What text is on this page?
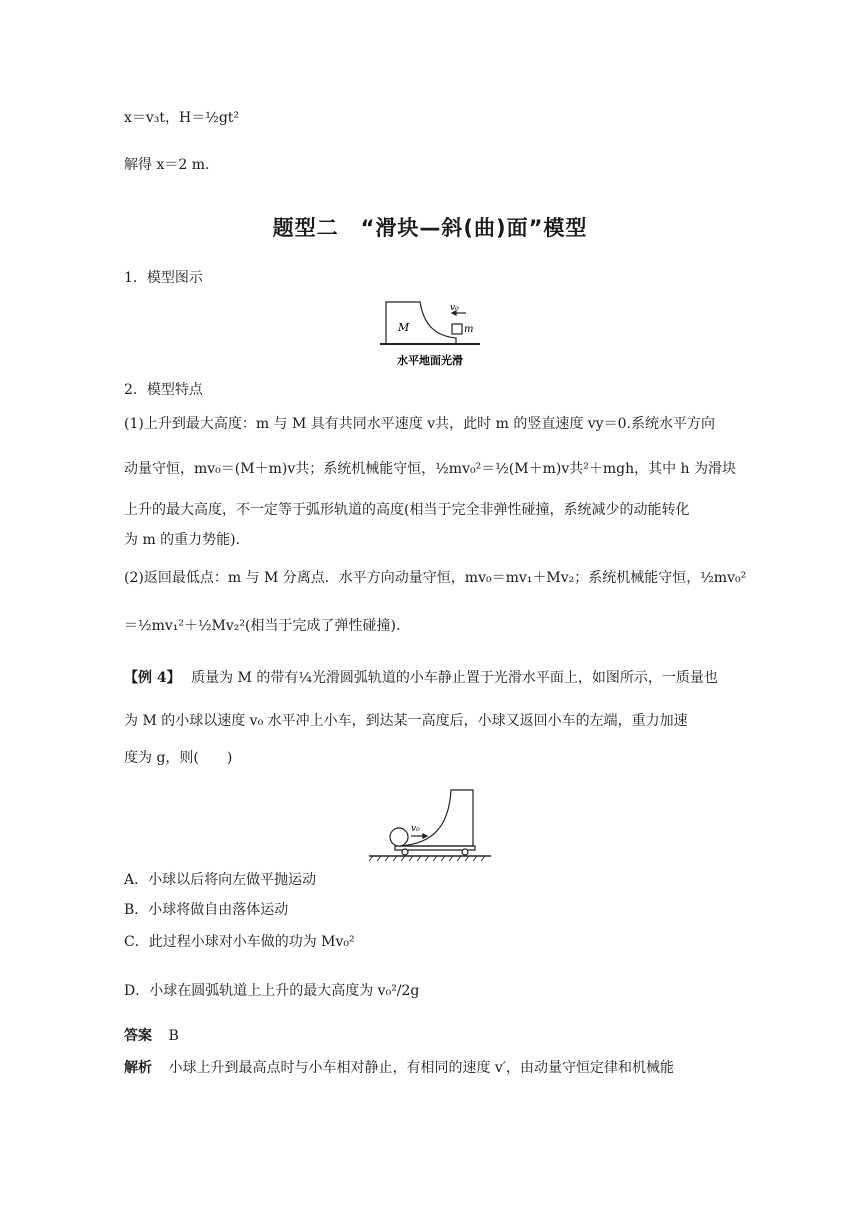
x＝v₃t，H＝½gt²
解得 x＝2 m.
题型二　“滑块—斜(曲)面”模型
1．模型图示
M	m
v₀
水平地面光滑
2．模型特点
(1)上升到最大高度：m 与 M 具有共同水平速度 v共，此时 m 的竖直速度 vy＝0.系统水平方向
动量守恒，mv₀＝(M＋m)v共；系统机械能守恒，½mv₀²＝½(M＋m)v共²＋mgh，其中 h 为滑块
上升的最大高度，不一定等于弧形轨道的高度(相当于完全非弹性碰撞，系统减少的动能转化
为 m 的重力势能).
(2)返回最低点：m 与 M 分离点．水平方向动量守恒，mv₀＝mv₁＋Mv₂；系统机械能守恒，½mv₀²
＝½mv₁²＋½Mv₂²(相当于完成了弹性碰撞).
【例 4】 质量为 M 的带有¼光滑圆弧轨道的小车静止置于光滑水平面上，如图所示，一质量也
为 M 的小球以速度 v₀ 水平冲上小车，到达某一高度后，小球又返回小车的左端，重力加速
度为 g，则(　　)
v₀
A．小球以后将向左做平抛运动
B．小球将做自由落体运动
C．此过程小球对小车做的功为 Mv₀²
D．小球在圆弧轨道上上升的最大高度为 v₀²/2g
答案 B
解析 小球上升到最高点时与小车相对静止，有相同的速度 v′，由动量守恒定律和机械能
